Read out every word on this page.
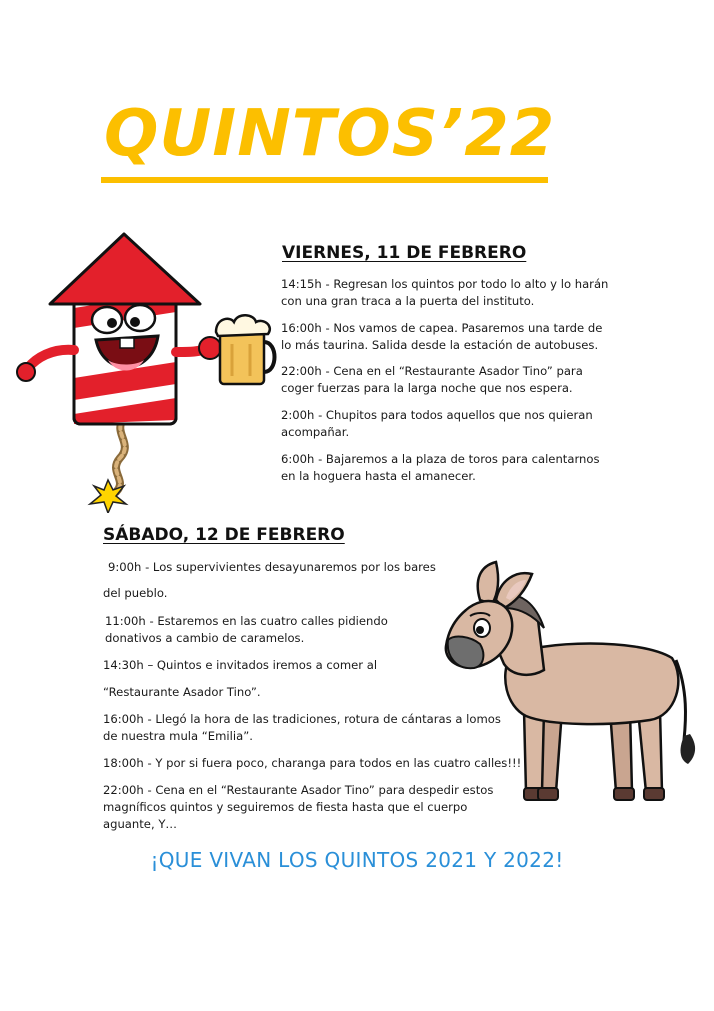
QUINTOS’22
VIERNES, 11 DE FEBRERO

14:15h - Regresan los quintos por todo lo alto y lo harán
con una gran traca a la puerta del instituto.

16:00h - Nos vamos de capea. Pasaremos una tarde de
lo más taurina. Salida desde la estación de autobuses.

22:00h - Cena en el “Restaurante Asador Tino” para
coger fuerzas para la larga noche que nos espera.

2:00h - Chupitos para todos aquellos que nos quieran
acompañar.

6:00h - Bajaremos a la plaza de toros para calentarnos
en la hoguera hasta el amanecer.

SÁBADO, 12 DE FEBRERO

9:00h - Los supervivientes desayunaremos por los bares

del pueblo.

11:00h - Estaremos en las cuatro calles pidiendo
donativos a cambio de caramelos.

14:30h – Quintos e invitados iremos a comer al

“Restaurante Asador Tino”.

16:00h - Llegó la hora de las tradiciones, rotura de cántaras a lomos
de nuestra mula “Emilia”.

18:00h - Y por si fuera poco, charanga para todos en las cuatro calles!!!

22:00h - Cena en el “Restaurante Asador Tino” para despedir estos
magníficos quintos y seguiremos de fiesta hasta que el cuerpo
aguante, Y…

¡QUE VIVAN LOS QUINTOS 2021 Y 2022!
